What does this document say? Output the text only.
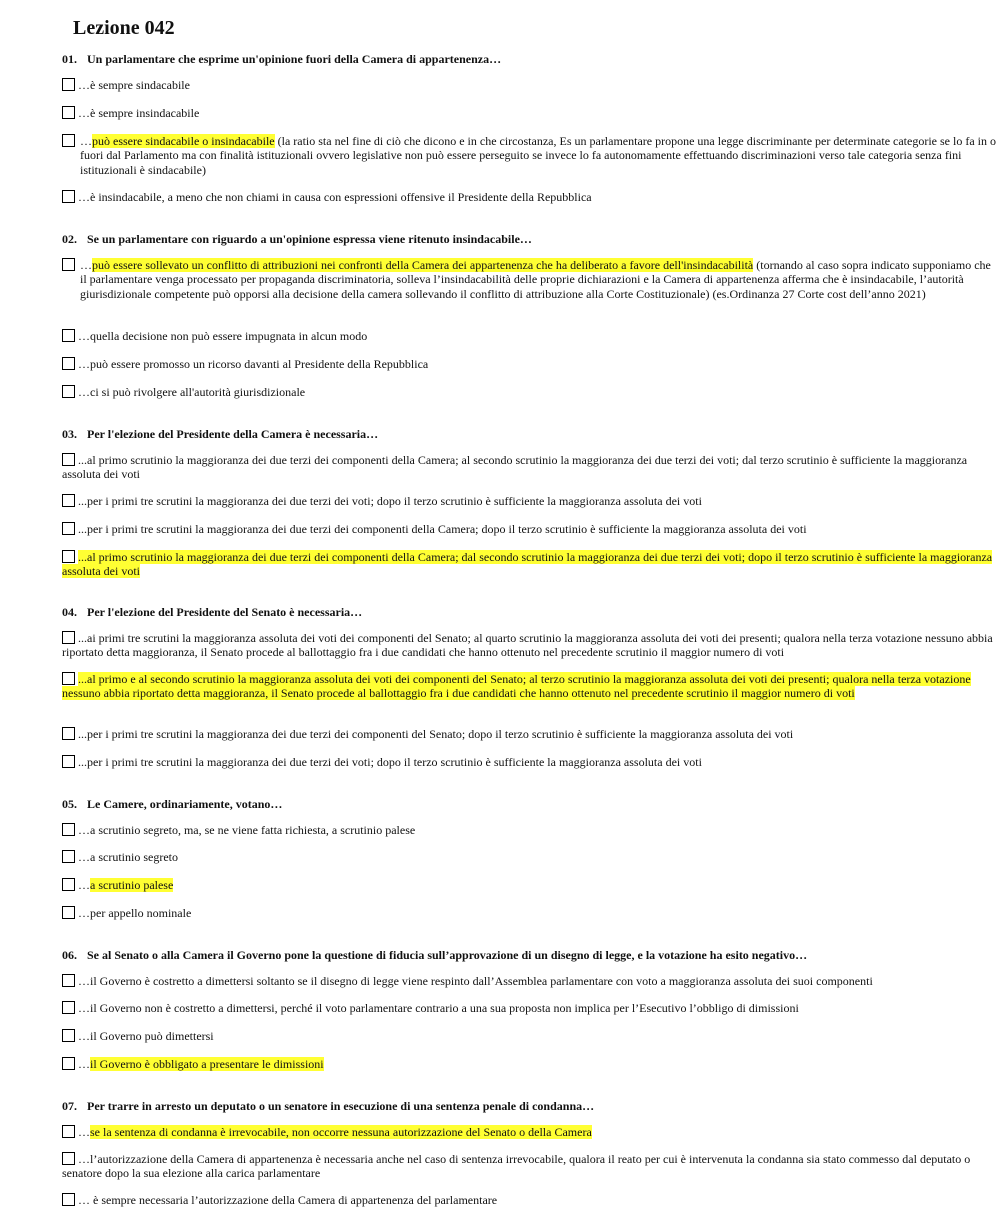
Lezione 042
01. Un parlamentare che esprime un'opinione fuori della Camera di appartenenza…
…è sempre sindacabile
…è sempre insindacabile
…può essere sindacabile o insindacabile (la ratio sta nel fine di ciò che dicono e in che circostanza, Es un parlamentare propone una legge discriminante per determinate categorie se lo fa in o fuori dal Parlamento ma con finalità istituzionali ovvero legislative non può essere perseguito se invece lo fa autonomamente effettuando discriminazioni verso tale categoria senza fini istituzionali è sindacabile)
…è insindacabile, a meno che non chiami in causa con espressioni offensive il Presidente della Repubblica
02. Se un parlamentare con riguardo a un'opinione espressa viene ritenuto insindacabile…
…può essere sollevato un conflitto di attribuzioni nei confronti della Camera dei appartenenza che ha deliberato a favore dell'insindacabilità (tornando al caso sopra indicato supponiamo che il parlamentare venga processato per propaganda discriminatoria, solleva l’insindacabilità delle proprie dichiarazioni e la Camera di appartenenza afferma che è insindacabile, l’autorità giurisdizionale competente può opporsi alla decisione della camera sollevando il conflitto di attribuzione alla Corte Costituzionale) (es.Ordinanza 27 Corte cost dell’anno 2021)
…quella decisione non può essere impugnata in alcun modo
…può essere promosso un ricorso davanti al Presidente della Repubblica
…ci si può rivolgere all'autorità giurisdizionale
03. Per l'elezione del Presidente della Camera è necessaria…
...al primo scrutinio la maggioranza dei due terzi dei componenti della Camera; al secondo scrutinio la maggioranza dei due terzi dei voti; dal terzo scrutinio è sufficiente la maggioranza assoluta dei voti
...per i primi tre scrutini la maggioranza dei due terzi dei voti; dopo il terzo scrutinio è sufficiente la maggioranza assoluta dei voti
...per i primi tre scrutini la maggioranza dei due terzi dei componenti della Camera; dopo il terzo scrutinio è sufficiente la maggioranza assoluta dei voti
...al primo scrutinio la maggioranza dei due terzi dei componenti della Camera; dal secondo scrutinio la maggioranza dei due terzi dei voti; dopo il terzo scrutinio è sufficiente la maggioranza assoluta dei voti
04. Per l'elezione del Presidente del Senato è necessaria…
...ai primi tre scrutini la maggioranza assoluta dei voti dei componenti del Senato; al quarto scrutinio la maggioranza assoluta dei voti dei presenti; qualora nella terza votazione nessuno abbia riportato detta maggioranza, il Senato procede al ballottaggio fra i due candidati che hanno ottenuto nel precedente scrutinio il maggior numero di voti
...al primo e al secondo scrutinio la maggioranza assoluta dei voti dei componenti del Senato; al terzo scrutinio la maggioranza assoluta dei voti dei presenti; qualora nella terza votazione nessuno abbia riportato detta maggioranza, il Senato procede al ballottaggio fra i due candidati che hanno ottenuto nel precedente scrutinio il maggior numero di voti
...per i primi tre scrutini la maggioranza dei due terzi dei componenti del Senato; dopo il terzo scrutinio è sufficiente la maggioranza assoluta dei voti
...per i primi tre scrutini la maggioranza dei due terzi dei voti; dopo il terzo scrutinio è sufficiente la maggioranza assoluta dei voti
05. Le Camere, ordinariamente, votano…
…a scrutinio segreto, ma, se ne viene fatta richiesta, a scrutinio palese
…a scrutinio segreto
…a scrutinio palese
…per appello nominale
06. Se al Senato o alla Camera il Governo pone la questione di fiducia sull’approvazione di un disegno di legge, e la votazione ha esito negativo…
…il Governo è costretto a dimettersi soltanto se il disegno di legge viene respinto dall’Assemblea parlamentare con voto a maggioranza assoluta dei suoi componenti
…il Governo non è costretto a dimettersi, perché il voto parlamentare contrario a una sua proposta non implica per l’Esecutivo l’obbligo di dimissioni
…il Governo può dimettersi
…il Governo è obbligato a presentare le dimissioni
07. Per trarre in arresto un deputato o un senatore in esecuzione di una sentenza penale di condanna…
…se la sentenza di condanna è irrevocabile, non occorre nessuna autorizzazione del Senato o della Camera
…l’autorizzazione della Camera di appartenenza è necessaria anche nel caso di sentenza irrevocabile, qualora il reato per cui è intervenuta la condanna sia stato commesso dal deputato o senatore dopo la sua elezione alla carica parlamentare
… è sempre necessaria l’autorizzazione della Camera di appartenenza del parlamentare
